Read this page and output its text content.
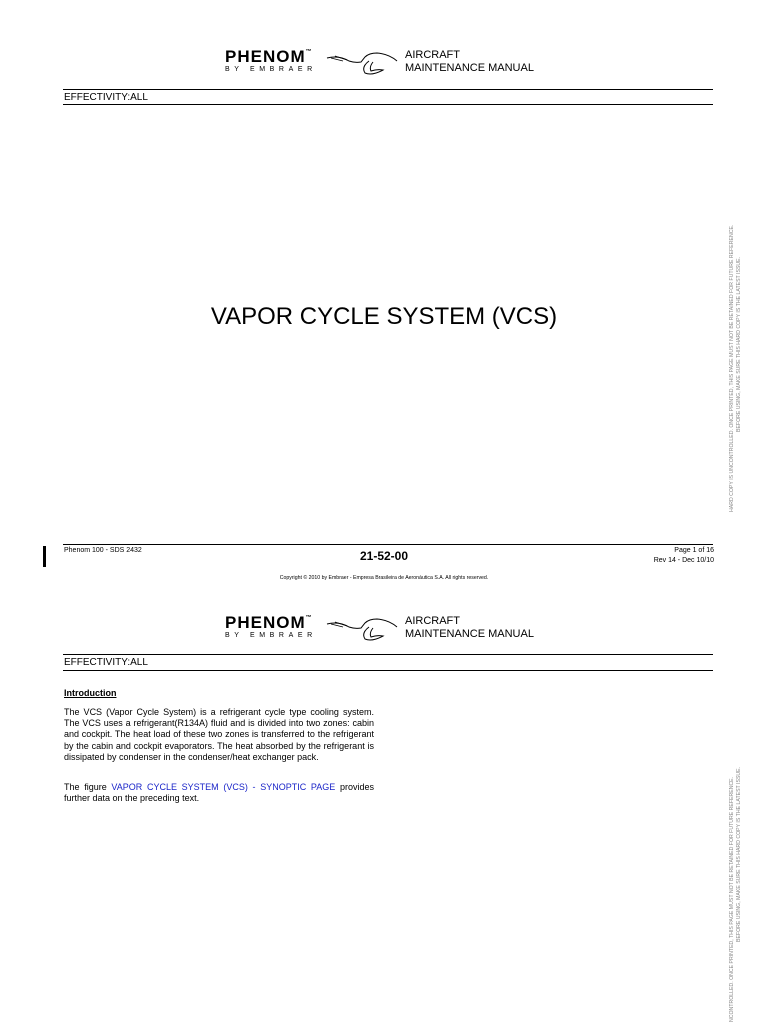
PHENOM™
BY EMBRAER
AIRCRAFT
MAINTENANCE MANUAL
EFFECTIVITY:ALL
VAPOR CYCLE SYSTEM (VCS)	HARD COPY IS UNCONTROLLED. ONCE PRINTED, THIS PAGE MUST NOT BE RETAINED FOR FUTURE REFERENCE. BEFORE USING, MAKE SURE THIS HARD COPY IS THE LATEST ISSUE.
Phenom 100 - SDS 2432	21-52-00	Page 1 of 16
Rev 14 - Dec 10/10
Copyright © 2010 by Embraer - Empresa Brasileira de Aeronáutica S.A. All rights reserved.
PHENOM™
BY EMBRAER
AIRCRAFT
MAINTENANCE MANUAL
EFFECTIVITY:ALL
Introduction

The VCS (Vapor Cycle System) is a refrigerant cycle type cooling system. The VCS uses a refrigerant(R134A) fluid and is divided into two zones: cabin and cockpit. The heat load of these two zones is transferred to the refrigerant by the cabin and cockpit evaporators. The heat absorbed by the refrigerant is dissipated by condenser in the condenser/heat exchanger pack.

The figure VAPOR CYCLE SYSTEM (VCS) - SYNOPTIC PAGE provides further data on the preceding text.	NCONTROLLED. ONCE PRINTED, THIS PAGE MUST NOT BE RETAINED FOR FUTURE REFERENCE. BEFORE USING, MAKE SURE THIS HARD COPY IS THE LATEST ISSUE.
